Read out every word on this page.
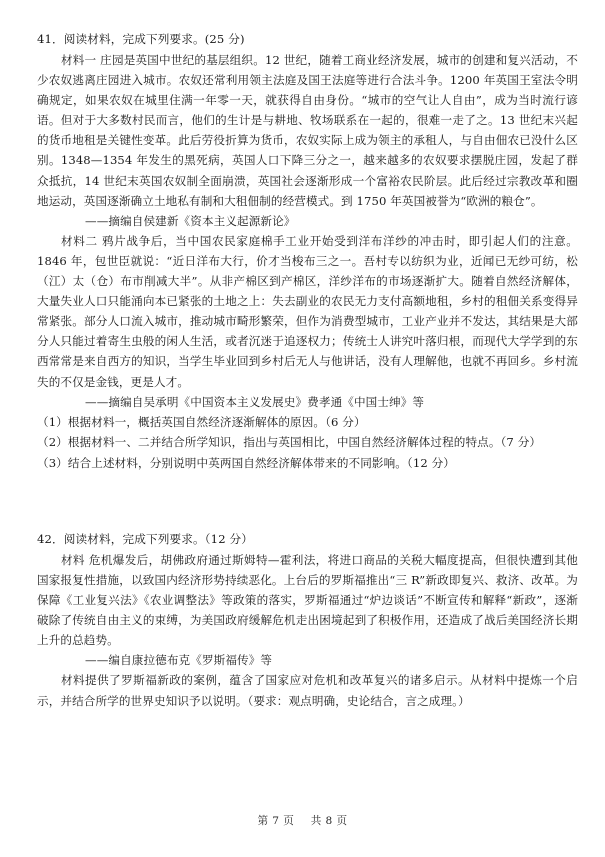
41．阅读材料，完成下列要求。(25 分)

材料一 庄园是英国中世纪的基层组织。12 世纪，随着工商业经济发展，城市的创建和复兴活动，不少农奴逃离庄园进入城市。农奴还常利用领主法庭及国王法庭等进行合法斗争。1200 年英国王室法令明确规定，如果农奴在城里住满一年零一天，就获得自由身份。“城市的空气让人自由”，成为当时流行谚语。但对于大多数村民而言，他们的生计是与耕地、牧场联系在一起的，很难一走了之。13 世纪末兴起的货币地租是关键性变革。此后劳役折算为货币，农奴实际上成为领主的承租人，与自由佃农已没什么区别。1348—1354 年发生的黑死病，英国人口下降三分之一，越来越多的农奴要求摆脱庄园，发起了群众抵抗，14 世纪末英国农奴制全面崩溃，英国社会逐渐形成一个富裕农民阶层。此后经过宗教改革和圈地运动，英国逐渐确立土地私有制和大租佃制的经营模式。到 1750 年英国被誉为“欧洲的粮仓”。

——摘编自侯建新《资本主义起源新论》

材料二 鸦片战争后，当中国农民家庭棉手工业开始受到洋布洋纱的冲击时，即引起人们的注意。1846 年，包世臣就说：“近日洋布大行，价才当梭布三之一。吾村专以纺织为业，近闻已无纱可纺，松（江）太（仓）布市削减大半”。从非产棉区到产棉区，洋纱洋布的市场逐渐扩大。随着自然经济解体，大量失业人口只能涌向本已紧张的土地之上：失去副业的农民无力支付高额地租，乡村的租佃关系变得异常紧张。部分人口流入城市，推动城市畸形繁荣，但作为消费型城市，工业产业并不发达，其结果是大部分人只能过着寄生虫般的闲人生活，或者沉迷于追逐权力；传统士人讲究叶落归根，而现代大学学到的东西常常是来自西方的知识，当学生毕业回到乡村后无人与他讲话，没有人理解他，也就不再回乡。乡村流失的不仅是金钱，更是人才。

——摘编自吴承明《中国资本主义发展史》费孝通《中国士绅》等

（1）根据材料一，概括英国自然经济逐渐解体的原因。（6 分）

（2）根据材料一、二并结合所学知识，指出与英国相比，中国自然经济解体过程的特点。（7 分）

（3）结合上述材料，分别说明中英两国自然经济解体带来的不同影响。（12 分）

42．阅读材料，完成下列要求。（12 分）

材料 危机爆发后，胡佛政府通过斯姆特—霍利法，将进口商品的关税大幅度提高，但很快遭到其他国家报复性措施，以致国内经济形势持续恶化。上台后的罗斯福推出“三 R”新政即复兴、救济、改革。为保障《工业复兴法》《农业调整法》等政策的落实，罗斯福通过“炉边谈话”不断宣传和解释“新政”，逐渐破除了传统自由主义的束缚，为美国政府缓解危机走出困境起到了积极作用，还造成了战后美国经济长期上升的总趋势。

——编自康拉德布克《罗斯福传》等

材料提供了罗斯福新政的案例，蕴含了国家应对危机和改革复兴的诸多启示。从材料中提炼一个启示，并结合所学的世界史知识予以说明。（要求：观点明确，史论结合，言之成理。）

第 7 页 共 8 页
